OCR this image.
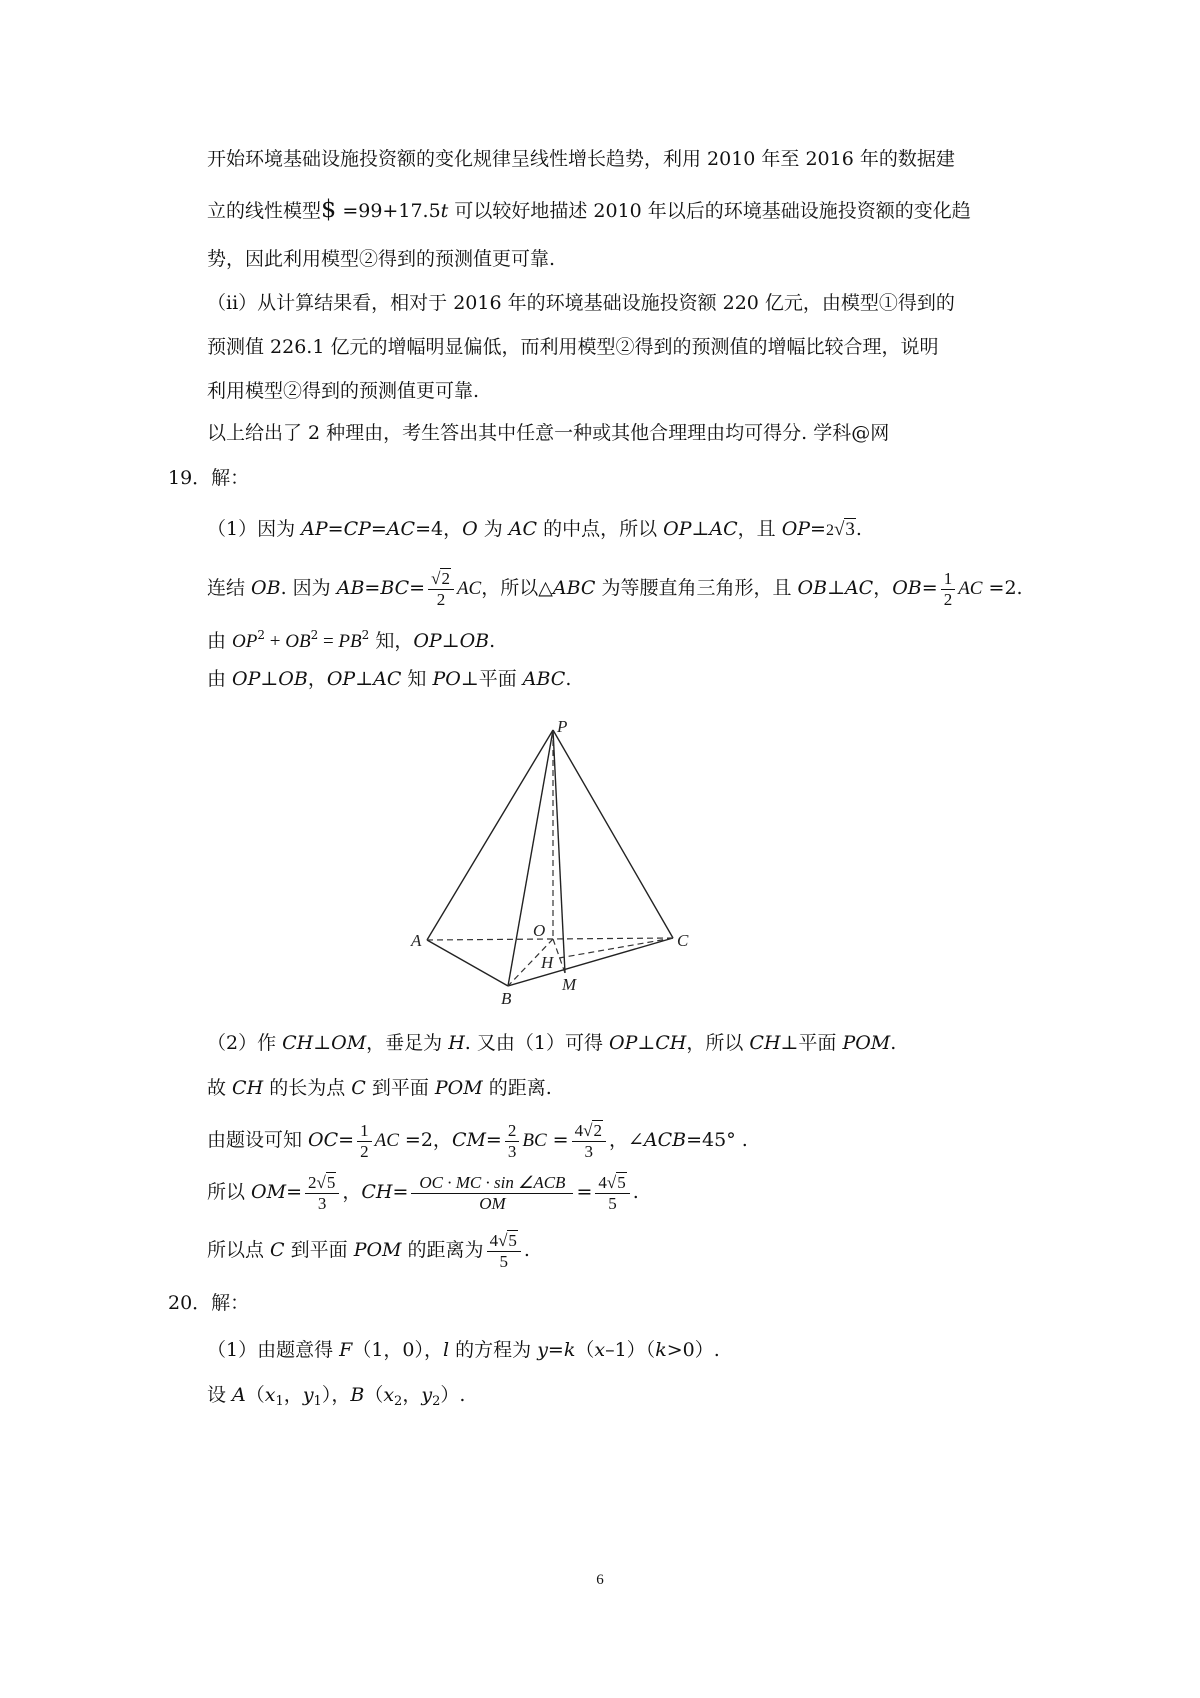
开始环境基础设施投资额的变化规律呈线性增长趋势，利用 2010 年至 2016 年的数据建
立的线性模型$ =99+17.5t 可以较好地描述 2010 年以后的环境基础设施投资额的变化趋
势，因此利用模型②得到的预测值更可靠.
（ii）从计算结果看，相对于 2016 年的环境基础设施投资额 220 亿元，由模型①得到的
预测值 226.1 亿元的增幅明显偏低，而利用模型②得到的预测值的增幅比较合理，说明
利用模型②得到的预测值更可靠.
以上给出了 2 种理由，考生答出其中任意一种或其他合理理由均可得分. 学科@网
19．解：
（1）因为 AP=CP=AC=4，O 为 AC 的中点，所以 OP⊥AC，且 OP=2√3.
连结 OB. 因为 $AB=BC= \frac{√2}{2}$ AC，所以△ABC 为等腰直角三角形，且 OB⊥AC，$OB= \frac{1}{2}$ AC =2.
由 $OP^2 + OB^2 = PB^2$ 知，OP⊥OB.
由 OP⊥OB，OP⊥AC 知 PO⊥平面 ABC.
P
A
B
C
O
H
M
（2）作 CH⊥OM，垂足为 H. 又由（1）可得 OP⊥CH，所以 CH⊥平面 POM.
故 CH 的长为点 C 到平面 POM 的距离.
由题设可知 $OC= \frac{1}{2}$ AC =2，$CM= \frac{2}{3}$ BC = $\frac{4√2}{3}$ ，∠ACB=45° .
所以 $OM= \frac{2√5}{3}$ ，$CH= \frac{\text{OC · MC · sin ∠ACB}}{OM} = \frac{4√5}{5}$ .
所以点 C 到平面 POM 的距离为 $\frac{4√5}{5}$ .
20．解：
（1）由题意得 F（1，0），l 的方程为 y=k（x–1）（k>0）.
设 $A(x_1$，$y_1$），$B(x_2$，$y_2$）.
6
